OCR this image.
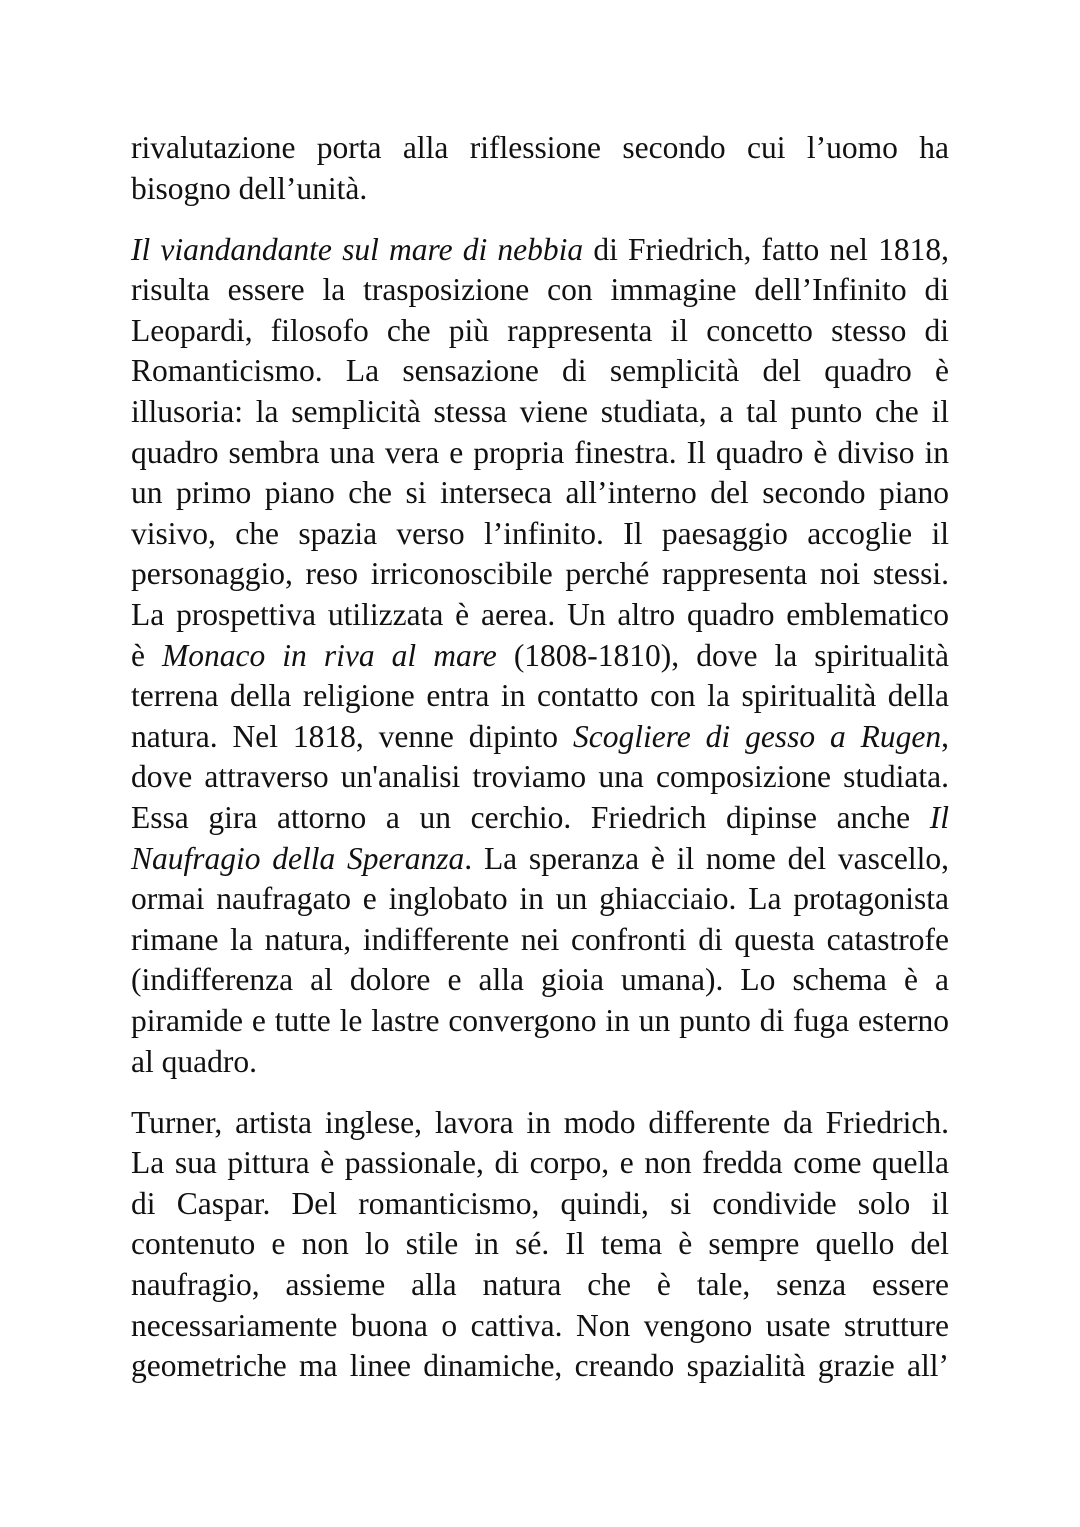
rivalutazione porta alla riflessione secondo cui l’uomo ha
bisogno dell’unità.
Il viandandante sul mare di nebbia di Friedrich, fatto nel 1818,
risulta essere la trasposizione con immagine dell’Infinito di
Leopardi, filosofo che più rappresenta il concetto stesso di
Romanticismo. La sensazione di semplicità del quadro è
illusoria: la semplicità stessa viene studiata, a tal punto che il
quadro sembra una vera e propria finestra. Il quadro è diviso in
un primo piano che si interseca all’interno del secondo piano
visivo, che spazia verso l’infinito. Il paesaggio accoglie il
personaggio, reso irriconoscibile perché rappresenta noi stessi.
La prospettiva utilizzata è aerea. Un altro quadro emblematico
è Monaco in riva al mare (1808-1810), dove la spiritualità
terrena della religione entra in contatto con la spiritualità della
natura. Nel 1818, venne dipinto Scogliere di gesso a Rugen,
dove attraverso un'analisi troviamo una composizione studiata.
Essa gira attorno a un cerchio. Friedrich dipinse anche Il
Naufragio della Speranza. La speranza è il nome del vascello,
ormai naufragato e inglobato in un ghiacciaio. La protagonista
rimane la natura, indifferente nei confronti di questa catastrofe
(indifferenza al dolore e alla gioia umana). Lo schema è a
piramide e tutte le lastre convergono in un punto di fuga esterno
al quadro.
Turner, artista inglese, lavora in modo differente da Friedrich.
La sua pittura è passionale, di corpo, e non fredda come quella
di Caspar. Del romanticismo, quindi, si condivide solo il
contenuto e non lo stile in sé. Il tema è sempre quello del
naufragio, assieme alla natura che è tale, senza essere
necessariamente buona o cattiva. Non vengono usate strutture
geometriche ma linee dinamiche, creando spazialità grazie all’
